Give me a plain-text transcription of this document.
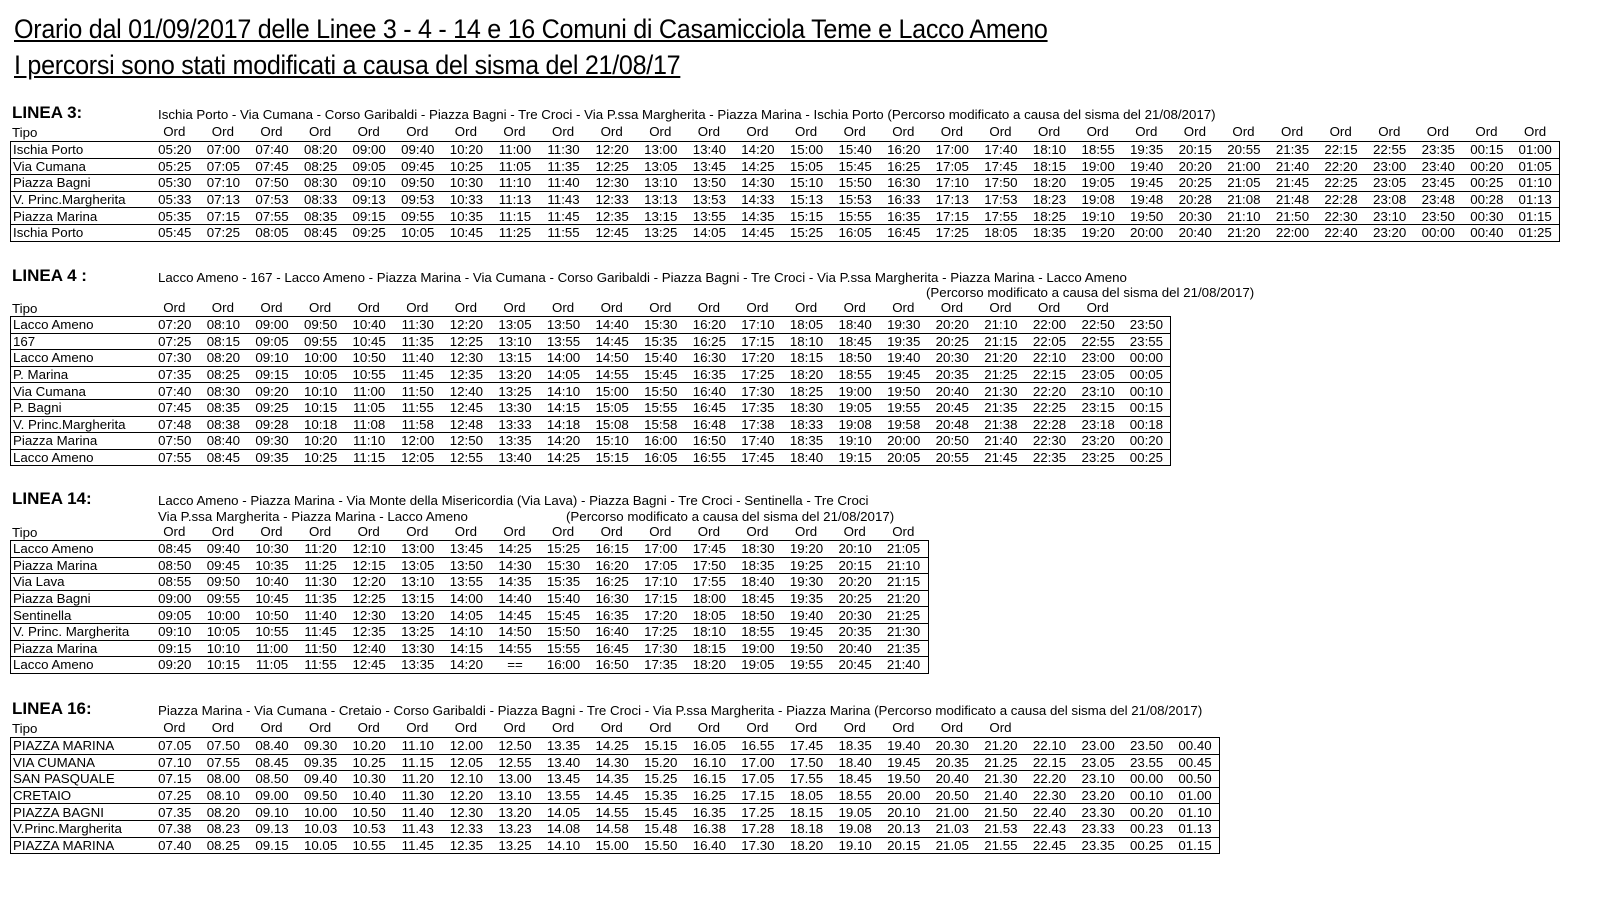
Orario dal 01/09/2017 delle Linee 3 - 4 - 14 e 16 Comuni di Casamicciola Teme e Lacco Ameno
I percorsi sono stati modificati a causa del sisma del 21/08/17
LINEA 3:	Ischia Porto - Via Cumana - Corso Garibaldi - Piazza Bagni - Tre Croci - Via P.ssa Margherita - Piazza Marina - Ischia Porto (Percorso modificato a causa del sisma del 21/08/2017)
Tipo	Ord	Ord	Ord	Ord	Ord	Ord	Ord	Ord	Ord	Ord	Ord	Ord	Ord	Ord	Ord	Ord	Ord	Ord	Ord	Ord	Ord	Ord	Ord	Ord	Ord	Ord	Ord	Ord	Ord
Ischia Porto	05:20	07:00	07:40	08:20	09:00	09:40	10:20	11:00	11:30	12:20	13:00	13:40	14:20	15:00	15:40	16:20	17:00	17:40	18:10	18:55	19:35	20:15	20:55	21:35	22:15	22:55	23:35	00:15	01:00
Via Cumana	05:25	07:05	07:45	08:25	09:05	09:45	10:25	11:05	11:35	12:25	13:05	13:45	14:25	15:05	15:45	16:25	17:05	17:45	18:15	19:00	19:40	20:20	21:00	21:40	22:20	23:00	23:40	00:20	01:05
Piazza Bagni	05:30	07:10	07:50	08:30	09:10	09:50	10:30	11:10	11:40	12:30	13:10	13:50	14:30	15:10	15:50	16:30	17:10	17:50	18:20	19:05	19:45	20:25	21:05	21:45	22:25	23:05	23:45	00:25	01:10
V. Princ.Margherita	05:33	07:13	07:53	08:33	09:13	09:53	10:33	11:13	11:43	12:33	13:13	13:53	14:33	15:13	15:53	16:33	17:13	17:53	18:23	19:08	19:48	20:28	21:08	21:48	22:28	23:08	23:48	00:28	01:13
Piazza Marina	05:35	07:15	07:55	08:35	09:15	09:55	10:35	11:15	11:45	12:35	13:15	13:55	14:35	15:15	15:55	16:35	17:15	17:55	18:25	19:10	19:50	20:30	21:10	21:50	22:30	23:10	23:50	00:30	01:15
Ischia Porto	05:45	07:25	08:05	08:45	09:25	10:05	10:45	11:25	11:55	12:45	13:25	14:05	14:45	15:25	16:05	16:45	17:25	18:05	18:35	19:20	20:00	20:40	21:20	22:00	22:40	23:20	00:00	00:40	01:25
LINEA 4 :	Lacco Ameno - 167 - Lacco Ameno - Piazza Marina - Via Cumana - Corso Garibaldi - Piazza Bagni - Tre Croci - Via P.ssa Margherita - Piazza Marina - Lacco Ameno
(Percorso modificato a causa del sisma del 21/08/2017)
Tipo	Ord	Ord	Ord	Ord	Ord	Ord	Ord	Ord	Ord	Ord	Ord	Ord	Ord	Ord	Ord	Ord	Ord	Ord	Ord	Ord
Lacco Ameno	07:20	08:10	09:00	09:50	10:40	11:30	12:20	13:05	13:50	14:40	15:30	16:20	17:10	18:05	18:40	19:30	20:20	21:10	22:00	22:50	23:50
167	07:25	08:15	09:05	09:55	10:45	11:35	12:25	13:10	13:55	14:45	15:35	16:25	17:15	18:10	18:45	19:35	20:25	21:15	22:05	22:55	23:55
Lacco Ameno	07:30	08:20	09:10	10:00	10:50	11:40	12:30	13:15	14:00	14:50	15:40	16:30	17:20	18:15	18:50	19:40	20:30	21:20	22:10	23:00	00:00
P. Marina	07:35	08:25	09:15	10:05	10:55	11:45	12:35	13:20	14:05	14:55	15:45	16:35	17:25	18:20	18:55	19:45	20:35	21:25	22:15	23:05	00:05
Via Cumana	07:40	08:30	09:20	10:10	11:00	11:50	12:40	13:25	14:10	15:00	15:50	16:40	17:30	18:25	19:00	19:50	20:40	21:30	22:20	23:10	00:10
P. Bagni	07:45	08:35	09:25	10:15	11:05	11:55	12:45	13:30	14:15	15:05	15:55	16:45	17:35	18:30	19:05	19:55	20:45	21:35	22:25	23:15	00:15
V. Princ.Margherita	07:48	08:38	09:28	10:18	11:08	11:58	12:48	13:33	14:18	15:08	15:58	16:48	17:38	18:33	19:08	19:58	20:48	21:38	22:28	23:18	00:18
Piazza Marina	07:50	08:40	09:30	10:20	11:10	12:00	12:50	13:35	14:20	15:10	16:00	16:50	17:40	18:35	19:10	20:00	20:50	21:40	22:30	23:20	00:20
Lacco Ameno	07:55	08:45	09:35	10:25	11:15	12:05	12:55	13:40	14:25	15:15	16:05	16:55	17:45	18:40	19:15	20:05	20:55	21:45	22:35	23:25	00:25
LINEA 14:	Lacco Ameno - Piazza Marina - Via Monte della Misericordia (Via Lava) - Piazza Bagni - Tre Croci - Sentinella - Tre Croci
Via P.ssa Margherita - Piazza Marina - Lacco Ameno	(Percorso modificato a causa del sisma del 21/08/2017)
Tipo	Ord	Ord	Ord	Ord	Ord	Ord	Ord	Ord	Ord	Ord	Ord	Ord	Ord	Ord	Ord	Ord
Lacco Ameno	08:45	09:40	10:30	11:20	12:10	13:00	13:45	14:25	15:25	16:15	17:00	17:45	18:30	19:20	20:10	21:05
Piazza Marina	08:50	09:45	10:35	11:25	12:15	13:05	13:50	14:30	15:30	16:20	17:05	17:50	18:35	19:25	20:15	21:10
Via Lava	08:55	09:50	10:40	11:30	12:20	13:10	13:55	14:35	15:35	16:25	17:10	17:55	18:40	19:30	20:20	21:15
Piazza Bagni	09:00	09:55	10:45	11:35	12:25	13:15	14:00	14:40	15:40	16:30	17:15	18:00	18:45	19:35	20:25	21:20
Sentinella	09:05	10:00	10:50	11:40	12:30	13:20	14:05	14:45	15:45	16:35	17:20	18:05	18:50	19:40	20:30	21:25
V. Princ. Margherita	09:10	10:05	10:55	11:45	12:35	13:25	14:10	14:50	15:50	16:40	17:25	18:10	18:55	19:45	20:35	21:30
Piazza Marina	09:15	10:10	11:00	11:50	12:40	13:30	14:15	14:55	15:55	16:45	17:30	18:15	19:00	19:50	20:40	21:35
Lacco Ameno	09:20	10:15	11:05	11:55	12:45	13:35	14:20	==	16:00	16:50	17:35	18:20	19:05	19:55	20:45	21:40
LINEA 16:	Piazza Marina - Via Cumana - Cretaio - Corso Garibaldi - Piazza Bagni - Tre Croci - Via P.ssa Margherita - Piazza Marina (Percorso modificato a causa del sisma del 21/08/2017)
Tipo	Ord	Ord	Ord	Ord	Ord	Ord	Ord	Ord	Ord	Ord	Ord	Ord	Ord	Ord	Ord	Ord	Ord	Ord
PIAZZA MARINA	07.05	07.50	08.40	09.30	10.20	11.10	12.00	12.50	13.35	14.25	15.15	16.05	16.55	17.45	18.35	19.40	20.30	21.20	22.10	23.00	23.50	00.40
VIA CUMANA	07.10	07.55	08.45	09.35	10.25	11.15	12.05	12.55	13.40	14.30	15.20	16.10	17.00	17.50	18.40	19.45	20.35	21.25	22.15	23.05	23.55	00.45
SAN PASQUALE	07.15	08.00	08.50	09.40	10.30	11.20	12.10	13.00	13.45	14.35	15.25	16.15	17.05	17.55	18.45	19.50	20.40	21.30	22.20	23.10	00.00	00.50
CRETAIO	07.25	08.10	09.00	09.50	10.40	11.30	12.20	13.10	13.55	14.45	15.35	16.25	17.15	18.05	18.55	20.00	20.50	21.40	22.30	23.20	00.10	01.00
PIAZZA BAGNI	07.35	08.20	09.10	10.00	10.50	11.40	12.30	13.20	14.05	14.55	15.45	16.35	17.25	18.15	19.05	20.10	21.00	21.50	22.40	23.30	00.20	01.10
V.Princ.Margherita	07.38	08.23	09.13	10.03	10.53	11.43	12.33	13.23	14.08	14.58	15.48	16.38	17.28	18.18	19.08	20.13	21.03	21.53	22.43	23.33	00.23	01.13
PIAZZA MARINA	07.40	08.25	09.15	10.05	10.55	11.45	12.35	13.25	14.10	15.00	15.50	16.40	17.30	18.20	19.10	20.15	21.05	21.55	22.45	23.35	00.25	01.15
